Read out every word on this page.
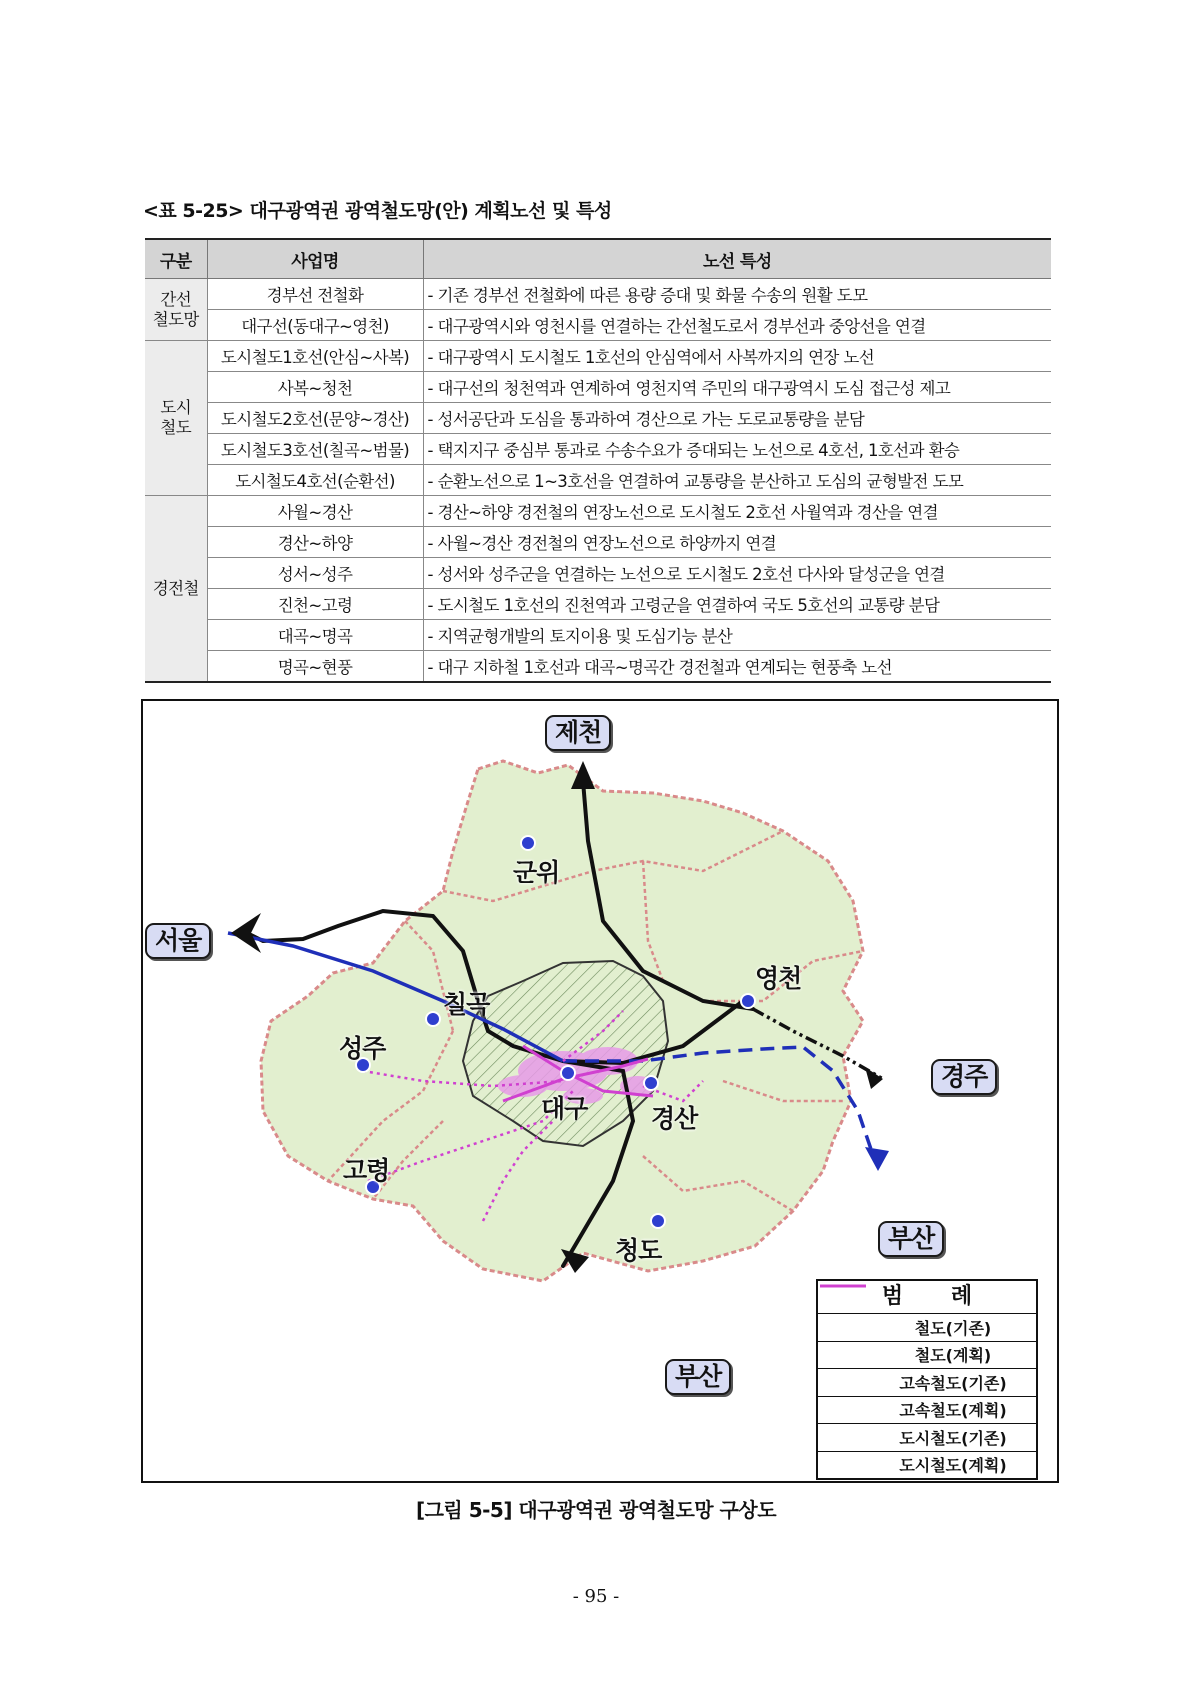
<표 5-25> 대구광역권 광역철도망(안) 계획노선 및 특성
구분	사업명	노선 특성
간선
철도망	경부선 전철화	- 기존 경부선 전철화에 따른 용량 증대 및 화물 수송의 원활 도모
	대구선(동대구~영천)	- 대구광역시와 영천시를 연결하는 간선철도로서 경부선과 중앙선을 연결
도시
철도	도시철도1호선(안심~사복)	- 대구광역시 도시철도 1호선의 안심역에서 사복까지의 연장 노선
	사복~청천	- 대구선의 청천역과 연계하여 영천지역 주민의 대구광역시 도심 접근성 제고
	도시철도2호선(문양~경산)	- 성서공단과 도심을 통과하여 경산으로 가는 도로교통량을 분담
	도시철도3호선(칠곡~범물)	- 택지지구 중심부 통과로 수송수요가 증대되는 노선으로 4호선, 1호선과 환승
	도시철도4호선(순환선)	- 순환노선으로 1~3호선을 연결하여 교통량을 분산하고 도심의 균형발전 도모
경전철	사월~경산	- 경산~하양 경전철의 연장노선으로 도시철도 2호선 사월역과 경산을 연결
	경산~하양	- 사월~경산 경전철의 연장노선으로 하양까지 연결
	성서~성주	- 성서와 성주군을 연결하는 노선으로 도시철도 2호선 다사와 달성군을 연결
	진천~고령	- 도시철도 1호선의 진천역과 고령군을 연결하여 국도 5호선의 교통량 분담
	대곡~명곡	- 지역균형개발의 토지이용 및 도심기능 분산
	명곡~현풍	- 대구 지하철 1호선과 대곡~명곡간 경전철과 연계되는 현풍축 노선
군위
칠곡
성주
대구	경산
영천
고령
청도
제천
서울
경주
부산
부산
범 례
철도(기존)
철도(계획)
고속철도(기존)
고속철도(계획)
도시철도(기존)
도시철도(계획)
[그림 5-5] 대구광역권 광역철도망 구상도
- 95 -
